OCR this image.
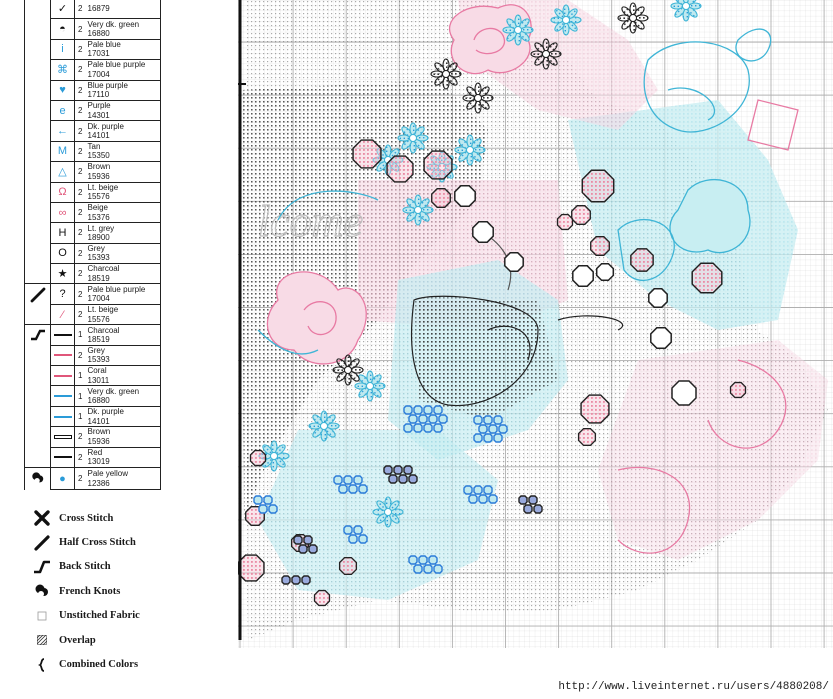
	✓	2	16879

	◓	2	Very dk. green
16880

	i	2	Pale blue
17031

	⌘	2	Pale blue purple
17004

	♥	2	Blue purple
17110

	e	2	Purple
14301

	←	2	Dk. purple
14101

	M	2	Tan
15350

	△	2	Brown
15936

	Ω	2	Lt. beige
15576

	∞	2	Beige
15376

	H	2	Lt. grey
18900

	O	2	Grey
15393

	★	2	Charcoal
18519

	?	2	Pale blue purple
17004

	⁄	2	Lt. beige
15576

		1	Charcoal
18519

		2	Grey
15393

		1	Coral
13011

		1	Very dk. green
16880

		1	Dk. purple
14101

		2	Brown
15936

		2	Red
13019

	●	2	Pale yellow
12386
Cross Stitch
Half Cross Stitch
Back Stitch
French Knots
Unstitched Fabric
Overlap
Combined Colors
lcome
http://www.liveinternet.ru/users/4880208/
